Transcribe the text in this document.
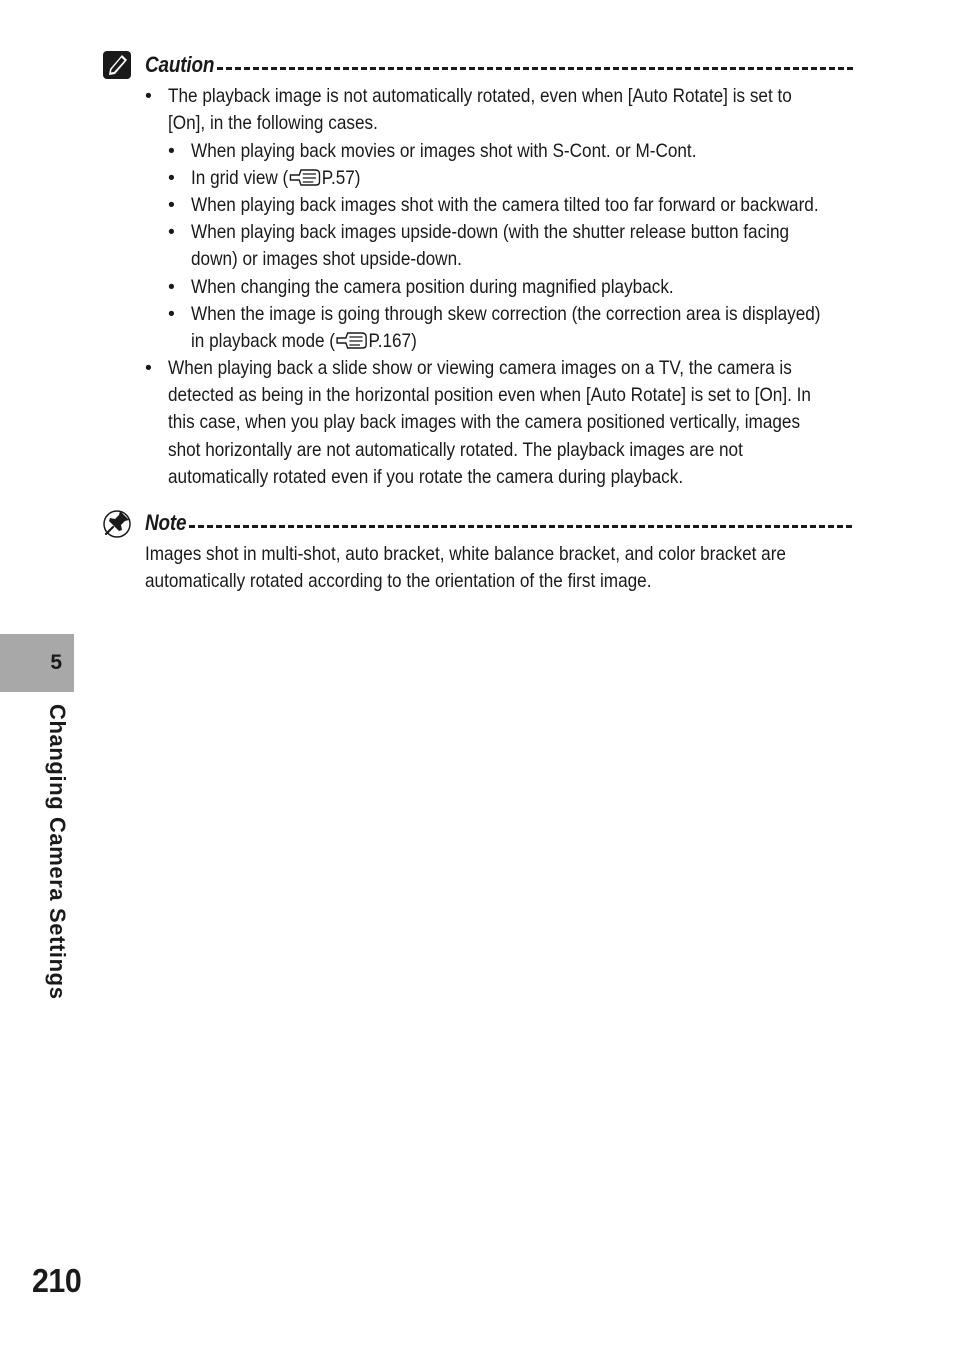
Caution
• The playback image is not automatically rotated, even when [Auto Rotate] is set to
[On], in the following cases.
• When playing back movies or images shot with S-Cont. or M-Cont.
• In grid view ( P.57)
• When playing back images shot with the camera tilted too far forward or backward.
• When playing back images upside-down (with the shutter release button facing
down) or images shot upside-down.
• When changing the camera position during magnified playback.
• When the image is going through skew correction (the correction area is displayed)
in playback mode ( P.167)
• When playing back a slide show or viewing camera images on a TV, the camera is
detected as being in the horizontal position even when [Auto Rotate] is set to [On]. In
this case, when you play back images with the camera positioned vertically, images
shot horizontally are not automatically rotated. The playback images are not
automatically rotated even if you rotate the camera during playback.
Note
Images shot in multi-shot, auto bracket, white balance bracket, and color bracket are
automatically rotated according to the orientation of the first image.
5
Changing Camera Settings
210
